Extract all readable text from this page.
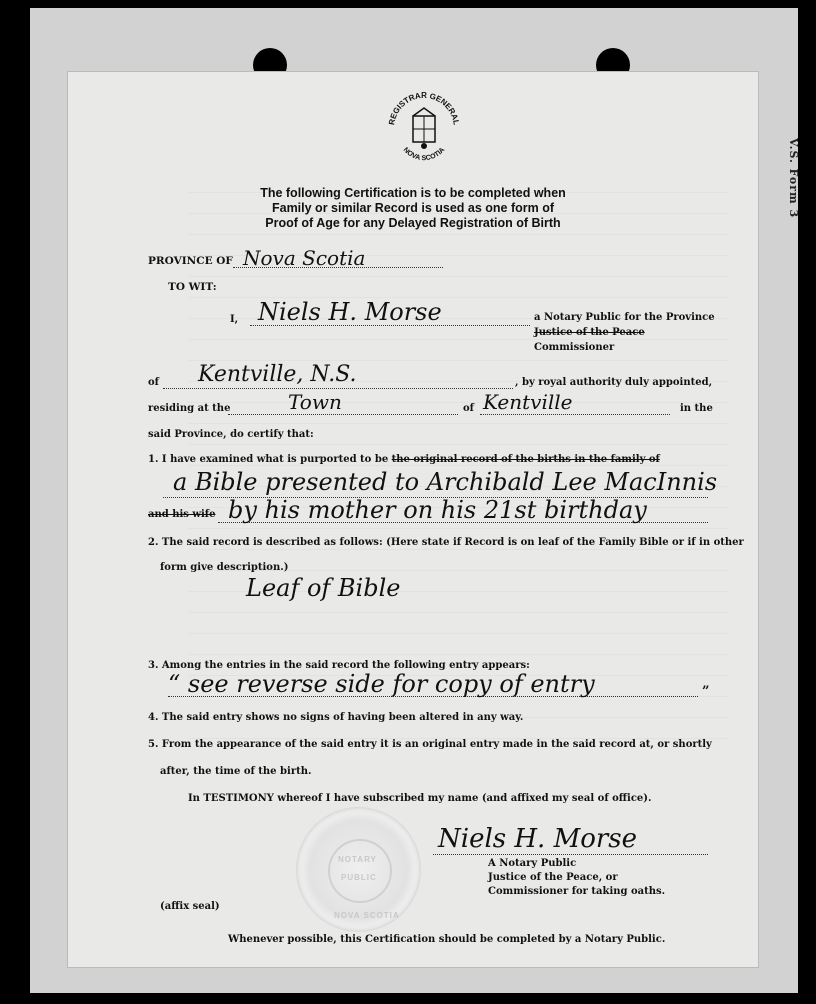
V.S. Form 3
REGISTRAR GENERAL
NOVA SCOTIA
The following Certification is to be completed when
Family or similar Record is used as one form of
Proof of Age for any Delayed Registration of Birth
PROVINCE OF Nova Scotia
TO WIT:
I, Niels H. Morse	a Notary Public for the Province
Justice of the Peace
Commissioner
of Kentville, N.S.	, by royal authority duly appointed,
residing at the	Town	of Kentville	in the
said Province, do certify that:
1. I have examined what is purported to be the original record of the births in the family of
a Bible presented to Archibald Lee MacInnis
and his wife by his mother on his 21st birthday
2. The said record is described as follows: (Here state if Record is on leaf of the Family Bible or if in other
form give description.)
Leaf of Bible
3. Among the entries in the said record the following entry appears:
“ see reverse side for copy of entry	”
4. The said entry shows no signs of having been altered in any way.
5. From the appearance of the said entry it is an original entry made in the said record at, or shortly
after, the time of the birth.
In TESTIMONY whereof I have subscribed my name (and affixed my seal of office).
NOVA SCOTIA
NOTARY
PUBLIC
Niels H. Morse
A Notary Public
Justice of the Peace, or
Commissioner for taking oaths.
(affix seal)
Whenever possible, this Certification should be completed by a Notary Public.
